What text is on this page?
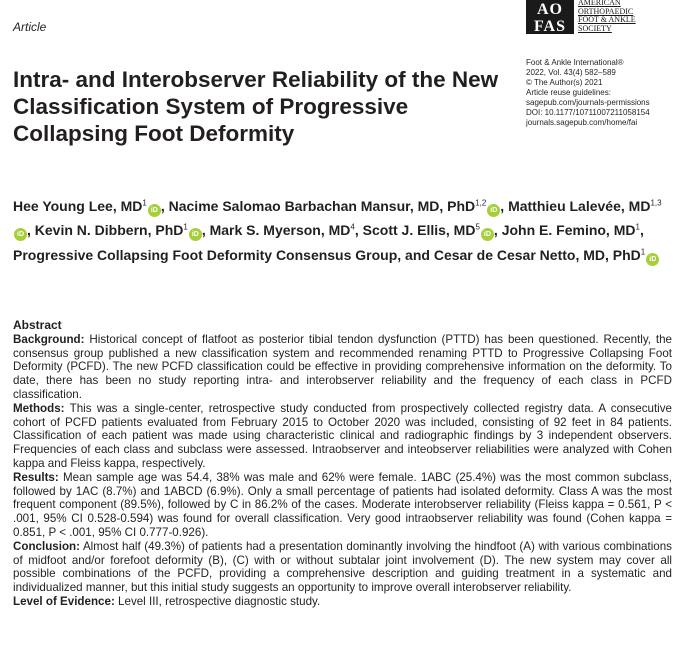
Article
AO
FAS
AMERICAN
ORTHOPAEDIC
FOOT & ANKLE
SOCIETY
Foot & Ankle International®
2022, Vol. 43(4) 582–589
© The Author(s) 2021
Article reuse guidelines:
sagepub.com/journals-permissions
DOI: 10.1177/10711007211058154
journals.sagepub.com/home/fai
Intra- and Interobserver Reliability of the New Classification System of Progressive Collapsing Foot Deformity
Hee Young Lee, $MD^1iD$ , Nacime Salomao Barbachan Mansur, MD, PhD$^{1,2}$iD , Matthieu Lalevée, MD$^{1,3}$iD , Kevin N. Dibbern, PhD$^1$iD , Mark S. Myerson, $MD^4$, Scott J. Ellis, $MD^5iD$ , John E. Femino, $MD^1$, Progressive Collapsing Foot Deformity Consensus Group, and Cesar de Cesar Netto, MD, PhD$^1$iD
Abstract

Background: Historical concept of flatfoot as posterior tibial tendon dysfunction (PTTD) has been questioned. Recently, the consensus group published a new classification system and recommended renaming PTTD to Progressive Collapsing Foot Deformity (PCFD). The new PCFD classification could be effective in providing comprehensive information on the deformity. To date, there has been no study reporting intra- and interobserver reliability and the frequency of each class in PCFD classification.

Methods: This was a single-center, retrospective study conducted from prospectively collected registry data. A consecutive cohort of PCFD patients evaluated from February 2015 to October 2020 was included, consisting of 92 feet in 84 patients. Classification of each patient was made using characteristic clinical and radiographic findings by 3 independent observers. Frequencies of each class and subclass were assessed. Intraobserver and inteobserver reliabilities were analyzed with Cohen kappa and Fleiss kappa, respectively.

Results: Mean sample age was 54.4, 38% was male and 62% were female. 1ABC (25.4%) was the most common subclass, followed by 1AC (8.7%) and 1ABCD (6.9%). Only a small percentage of patients had isolated deformity. Class A was the most frequent component (89.5%), followed by C in 86.2% of the cases. Moderate interobserver reliability (Fleiss kappa = 0.561, P < .001, 95% CI 0.528-0.594) was found for overall classification. Very good intraobserver reliability was found (Cohen kappa = 0.851, P < .001, 95% CI 0.777-0.926).

Conclusion: Almost half (49.3%) of patients had a presentation dominantly involving the hindfoot (A) with various combinations of midfoot and/or forefoot deformity (B), (C) with or without subtalar joint involvement (D). The new system may cover all possible combinations of the PCFD, providing a comprehensive description and guiding treatment in a systematic and individualized manner, but this initial study suggests an opportunity to improve overall interobserver reliability.

Level of Evidence: Level III, retrospective diagnostic study.
